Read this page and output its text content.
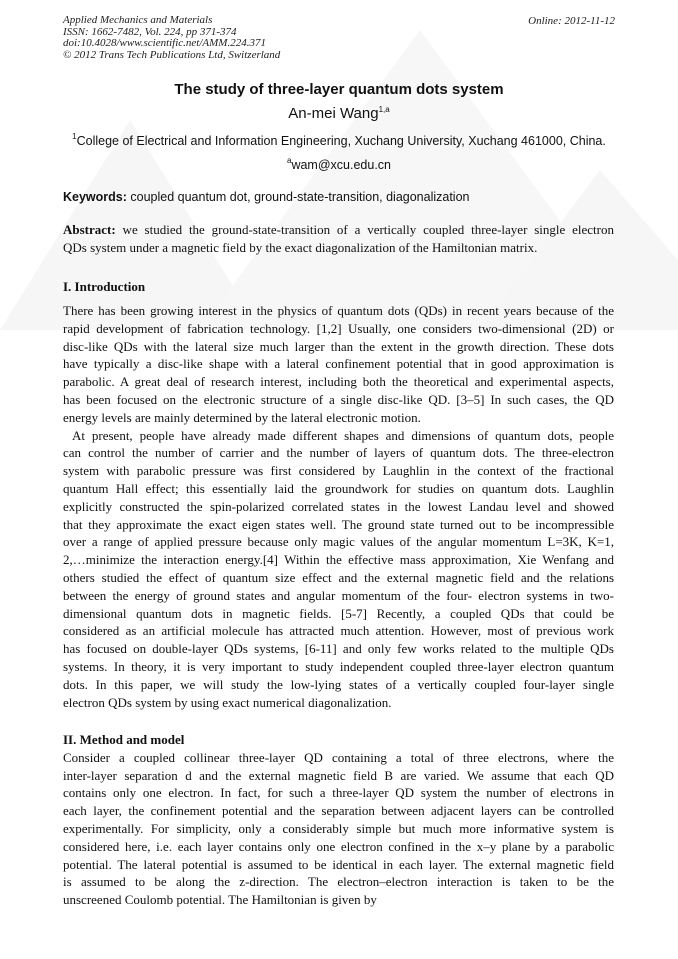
Applied Mechanics and Materials
ISSN: 1662-7482, Vol. 224, pp 371-374
doi:10.4028/www.scientific.net/AMM.224.371
© 2012 Trans Tech Publications Ltd, Switzerland
Online: 2012-11-12
The study of three-layer quantum dots system
An-mei Wang$^{1,a}$
$^1$College of Electrical and Information Engineering, Xuchang University, Xuchang 461000, China.
$^a$wam@xcu.edu.cn
Keywords: coupled quantum dot, ground-state-transition, diagonalization
Abstract: we studied the ground-state-transition of a vertically coupled three-layer single electron
QDs system under a magnetic field by the exact diagonalization of the Hamiltonian matrix.
I. Introduction
There has been growing interest in the physics of quantum dots (QDs) in recent years because of the
rapid development of fabrication technology. [1,2] Usually, one considers two-dimensional (2D) or
disc-like QDs with the lateral size much larger than the extent in the growth direction. These dots
have typically a disc-like shape with a lateral confinement potential that in good approximation is
parabolic. A great deal of research interest, including both the theoretical and experimental aspects,
has been focused on the electronic structure of a single disc-like QD. [3–5] In such cases, the QD
energy levels are mainly determined by the lateral electronic motion.
At present, people have already made different shapes and dimensions of quantum dots, people
can control the number of carrier and the number of layers of quantum dots. The three-electron
system with parabolic pressure was first considered by Laughlin in the context of the fractional
quantum Hall effect; this essentially laid the groundwork for studies on quantum dots. Laughlin
explicitly constructed the spin-polarized correlated states in the lowest Landau level and showed
that they approximate the exact eigen states well. The ground state turned out to be incompressible
over a range of applied pressure because only magic values of the angular momentum L=3K, K=1,
2,…minimize the interaction energy.[4] Within the effective mass approximation, Xie Wenfang and
others studied the effect of quantum size effect and the external magnetic field and the relations
between the energy of ground states and angular momentum of the four- electron systems in two-
dimensional quantum dots in magnetic fields. [5-7] Recently, a coupled QDs that could be
considered as an artificial molecule has attracted much attention. However, most of previous work
has focused on double-layer QDs systems, [6-11] and only few works related to the multiple QDs
systems. In theory, it is very important to study independent coupled three-layer electron quantum
dots. In this paper, we will study the low-lying states of a vertically coupled four-layer single
electron QDs system by using exact numerical diagonalization.
II. Method and model
Consider a coupled collinear three-layer QD containing a total of three electrons, where the
inter-layer separation d and the external magnetic field B are varied. We assume that each QD
contains only one electron. In fact, for such a three-layer QD system the number of electrons in
each layer, the confinement potential and the separation between adjacent layers can be controlled
experimentally. For simplicity, only a considerably simple but much more informative system is
considered here, i.e. each layer contains only one electron confined in the x–y plane by a parabolic
potential. The lateral potential is assumed to be identical in each layer. The external magnetic field
is assumed to be along the z-direction. The electron–electron interaction is taken to be the
unscreened Coulomb potential. The Hamiltonian is given by
